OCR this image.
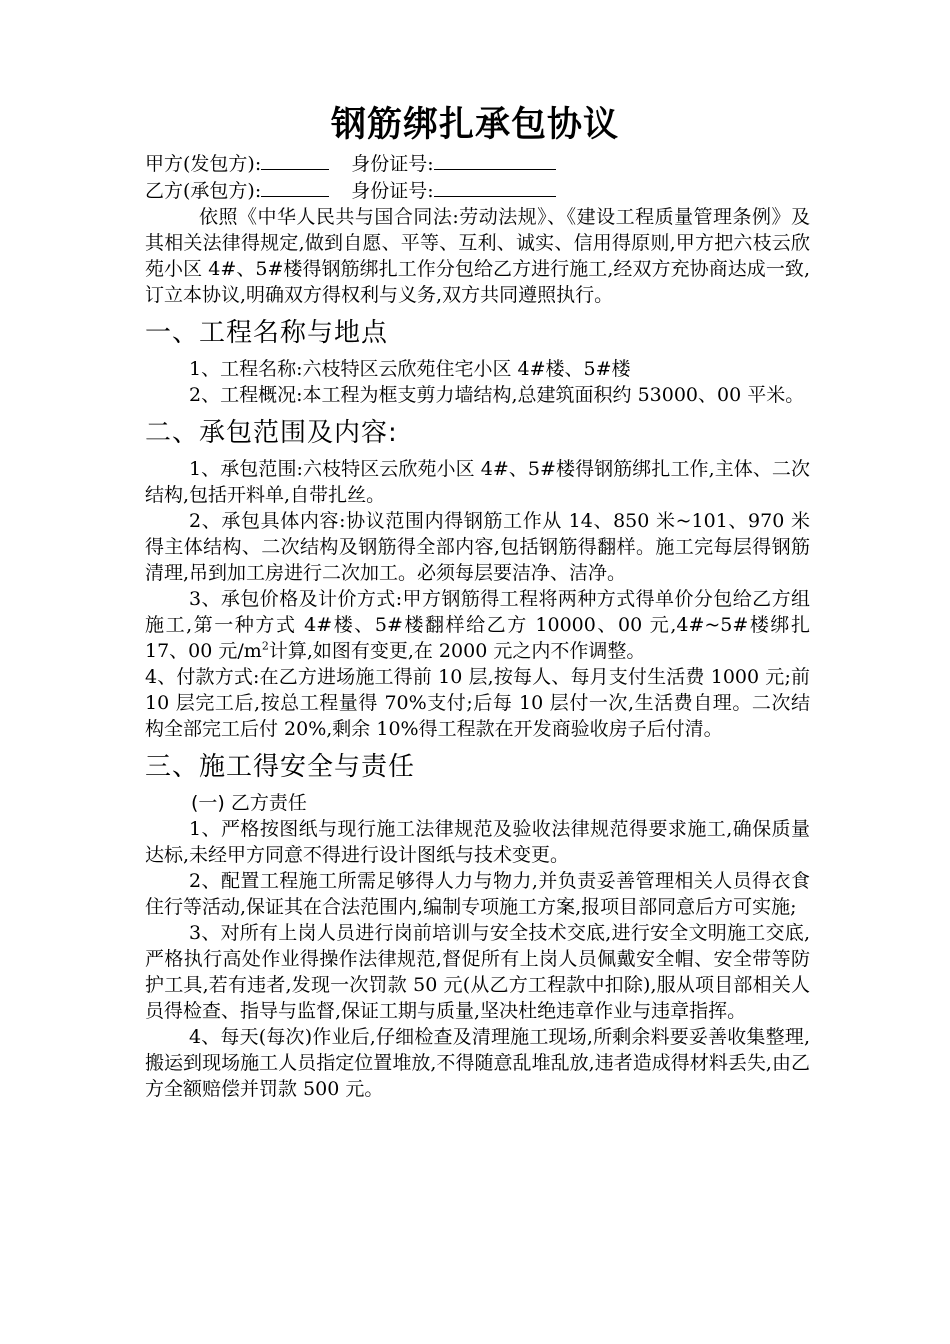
钢筋绑扎承包协议

甲方(发包方):	身份证号:

乙方(承包方):	身份证号:

依照《中华人民共与国合同法:劳动法规》、《建设工程质量管理条例》及其相关法律得规定,做到自愿、平等、互利、诚实、信用得原则,甲方把六枝云欣苑小区 4#、5#楼得钢筋绑扎工作分包给乙方进行施工,经双方充协商达成一致,订立本协议,明确双方得权利与义务,双方共同遵照执行。

一、工程名称与地点

1、工程名称:六枝特区云欣苑住宅小区 4#楼、5#楼

2、工程概况:本工程为框支剪力墙结构,总建筑面积约 53000、00 平米。

二、承包范围及内容:

1、承包范围:六枝特区云欣苑小区 4#、5#楼得钢筋绑扎工作,主体、二次结构,包括开料单,自带扎丝。

2、承包具体内容:协议范围内得钢筋工作从 14、850 米~101、970 米得主体结构、二次结构及钢筋得全部内容,包括钢筋得翻样。施工完每层得钢筋清理,吊到加工房进行二次加工。必须每层要洁净、洁净。

3、承包价格及计价方式:甲方钢筋得工程将两种方式得单价分包给乙方组施工,第一种方式 4#楼、5#楼翻样给乙方 10000、00 元,4#~5#楼绑扎 17、00 元$/m^2$计算,如图有变更,在 2000 元之内不作调整。

4、付款方式:在乙方进场施工得前 10 层,按每人、每月支付生活费 1000 元;前 10 层完工后,按总工程量得 70%支付;后每 10 层付一次,生活费自理。二次结构全部完工后付 20%,剩余 10%得工程款在开发商验收房子后付清。

三、施工得安全与责任
(一) 乙方责任

1、严格按图纸与现行施工法律规范及验收法律规范得要求施工,确保质量达标,未经甲方同意不得进行设计图纸与技术变更。

2、配置工程施工所需足够得人力与物力,并负责妥善管理相关人员得衣食住行等活动,保证其在合法范围内,编制专项施工方案,报项目部同意后方可实施;

3、对所有上岗人员进行岗前培训与安全技术交底,进行安全文明施工交底,严格执行高处作业得操作法律规范,督促所有上岗人员佩戴安全帽、安全带等防护工具,若有违者,发现一次罚款 50 元(从乙方工程款中扣除),服从项目部相关人员得检查、指导与监督,保证工期与质量,坚决杜绝违章作业与违章指挥。

4、每天(每次)作业后,仔细检查及清理施工现场,所剩余料要妥善收集整理,搬运到现场施工人员指定位置堆放,不得随意乱堆乱放,违者造成得材料丢失,由乙方全额赔偿并罚款 500 元。
